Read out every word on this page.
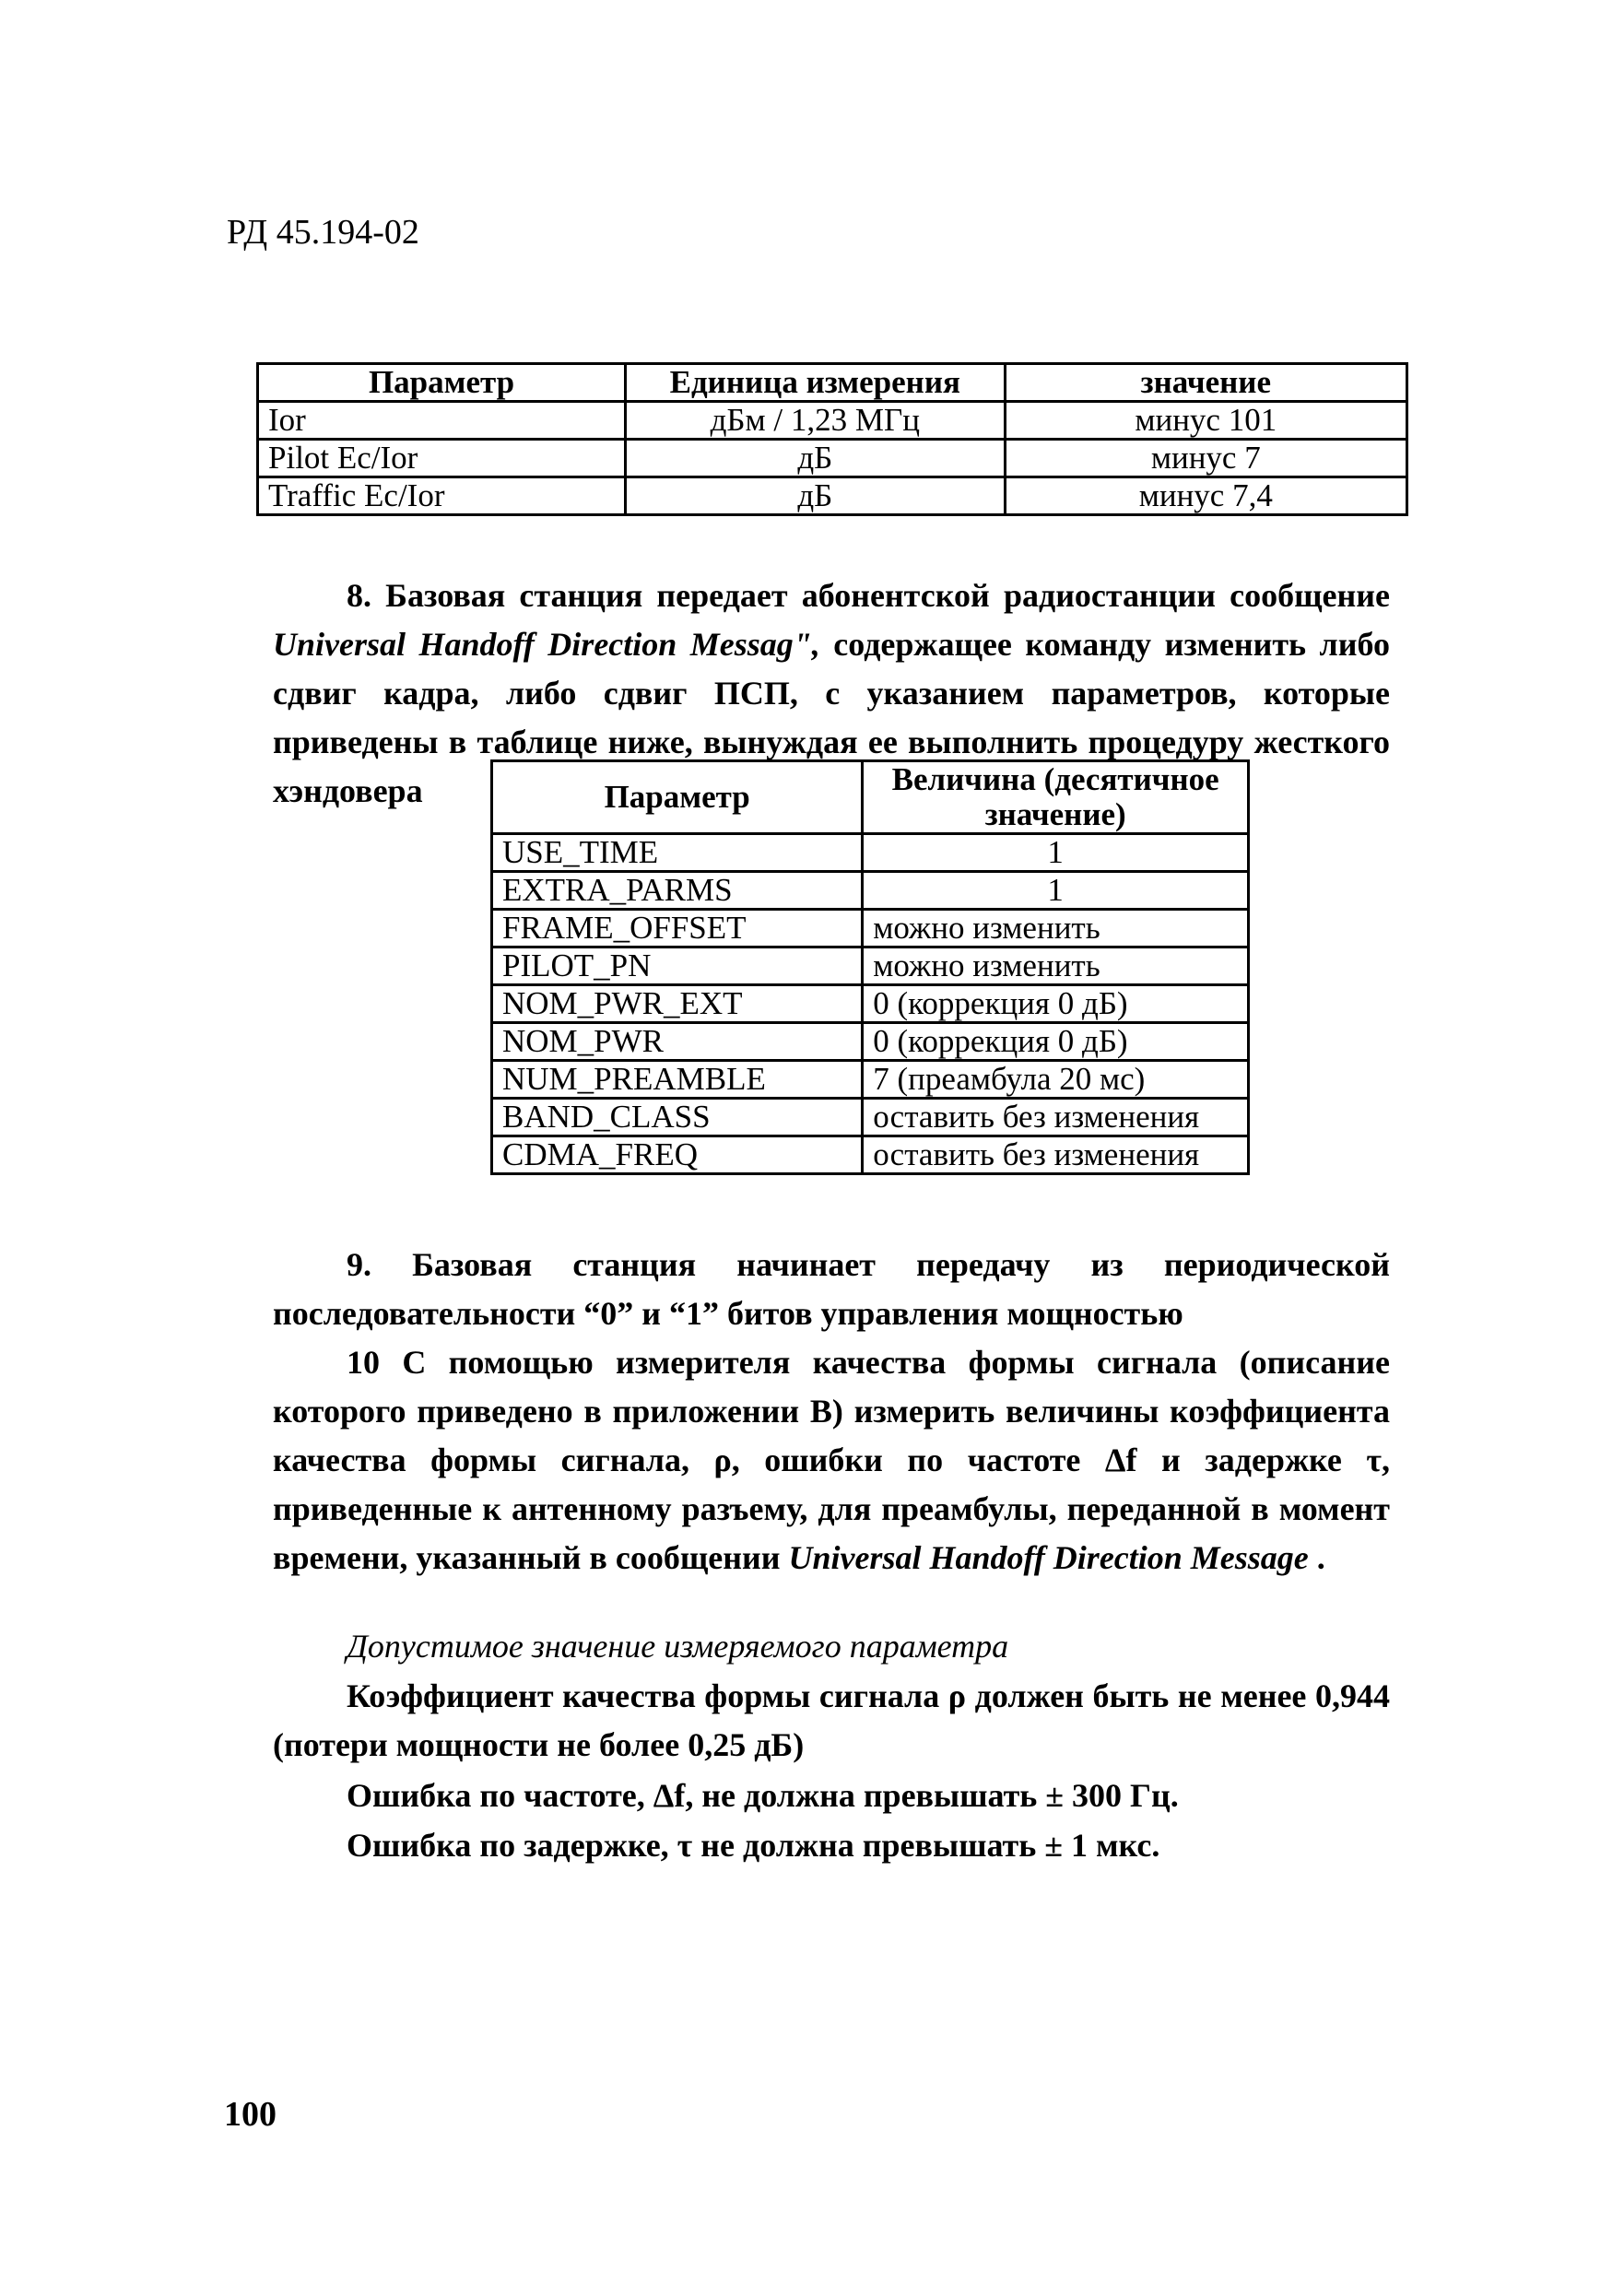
РД 45.194-02
Параметр	Единица измерения	значение
Ior	дБм / 1,23 МГц	минус 101
Pilot Ec/Ior	дБ	минус 7
Traffic Ec/Ior	дБ	минус 7,4
8. Базовая станция передает абонентской радиостанции сообщение Universal Handoff Direction Messag", содержащее команду изменить либо сдвиг кадра, либо сдвиг ПСП, с указанием параметров, которые приведены в таблице ниже, вынуждая ее выполнить процедуру жесткого хэндовера	Параметр	Величина (десятичное значение)
USE_TIME	1
EXTRA_PARMS	1
FRAME_OFFSET	можно изменить
PILOT_PN	можно изменить
NOM_PWR_EXT	0 (коррекция 0 дБ)
NOM_PWR	0 (коррекция 0 дБ)
NUM_PREAMBLE	7 (преамбула 20 мс)
BAND_CLASS	оставить без изменения
CDMA_FREQ	оставить без изменения
9. Базовая станция начинает передачу из периодической последовательности “0” и “1” битов управления мощностью
10 С помощью измерителя качества формы сигнала (описание которого приведено в приложении В) измерить величины коэффициента качества формы сигнала, ρ, ошибки по частоте Δf и задержке τ, приведенные к антенному разъему, для преамбулы, переданной в момент времени, указанный в сообщении Universal Handoff Direction Message .
Допустимое значение измеряемого параметра
Коэффициент качества формы сигнала ρ должен быть не менее 0,944 (потери мощности не более 0,25 дБ)
Ошибка по частоте, Δf, не должна превышать ± 300 Гц.
Ошибка по задержке, τ не должна превышать ± 1 мкс.
100
